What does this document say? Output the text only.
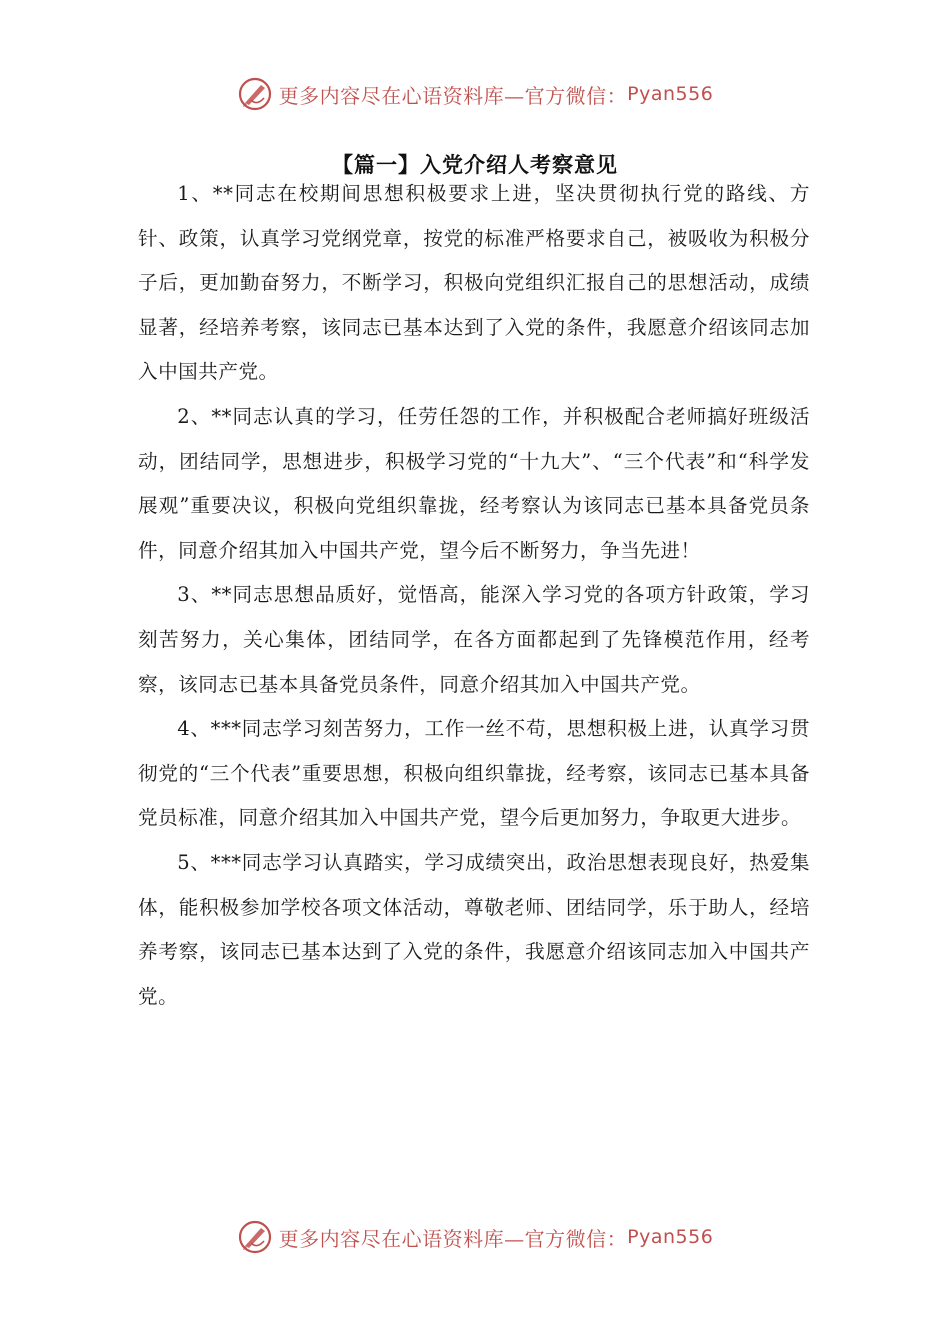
更多内容尽在心语资料库—官方微信： Pyan556
【篇一】入党介绍人考察意见

1、**同志在校期间思想积极要求上进，坚决贯彻执行党的路线、方针、政策，认真学习党纲党章，按党的标准严格要求自己，被吸收为积极分子后，更加勤奋努力，不断学习，积极向党组织汇报自己的思想活动，成绩显著，经培养考察，该同志已基本达到了入党的条件，我愿意介绍该同志加入中国共产党。

2、**同志认真的学习，任劳任怨的工作，并积极配合老师搞好班级活动，团结同学，思想进步，积极学习党的“十九大”、“三个代表”和“科学发展观”重要决议，积极向党组织靠拢，经考察认为该同志已基本具备党员条件，同意介绍其加入中国共产党，望今后不断努力，争当先进！

3、**同志思想品质好，觉悟高，能深入学习党的各项方针政策，学习刻苦努力，关心集体，团结同学，在各方面都起到了先锋模范作用，经考察，该同志已基本具备党员条件，同意介绍其加入中国共产党。

4、***同志学习刻苦努力，工作一丝不苟，思想积极上进，认真学习贯彻党的“三个代表”重要思想，积极向组织靠拢，经考察，该同志已基本具备党员标准，同意介绍其加入中国共产党，望今后更加努力，争取更大进步。

5、***同志学习认真踏实，学习成绩突出，政治思想表现良好，热爱集体，能积极参加学校各项文体活动，尊敬老师、团结同学，乐于助人，经培养考察，该同志已基本达到了入党的条件，我愿意介绍该同志加入中国共产党。

更多内容尽在心语资料库—官方微信： Pyan556
